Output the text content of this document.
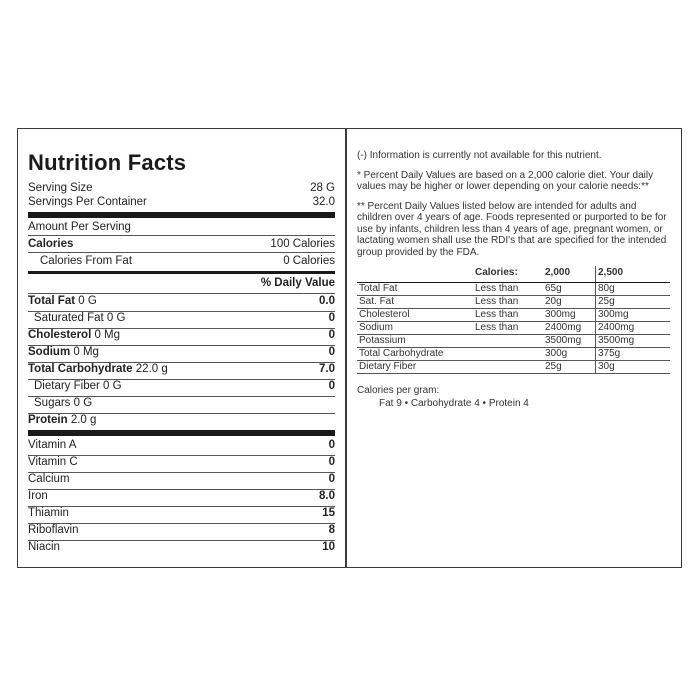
Nutrition Facts
Serving Size	28 G
Servings Per Container	32.0
Amount Per Serving
Calories	100 Calories
Calories From Fat	0 Calories
% Daily Value
Total Fat 0 G	0.0
Saturated Fat 0 G	0
Cholesterol 0 Mg	0
Sodium 0 Mg	0
Total Carbohydrate 22.0 g	7.0
Dietary Fiber 0 G	0
Sugars 0 G
Protein 2.0 g
Vitamin A	0
Vitamin C	0
Calcium	0
Iron	8.0
Thiamin	15
Riboflavin	8
Niacin	10

(-) Information is currently not available for this nutrient.

* Percent Daily Values are based on a 2,000 calorie diet. Your daily values may be higher or lower depending on your calorie needs:**

** Percent Daily Values listed below are intended for adults and children over 4 years of age. Foods represented or purported to be for use by infants, children less than 4 years of age, pregnant women, or lactating women shall use the RDI's that are specified for the intended group provided by the FDA.

	Calories:	2,000	2,500
Total Fat	Less than	65g	80g
Sat. Fat	Less than	20g	25g
Cholesterol	Less than	300mg	300mg
Sodium	Less than	2400mg	2400mg
Potassium		3500mg	3500mg
Total Carbohydrate		300g	375g
Dietary Fiber		25g	30g
Calories per gram:
Fat 9 • Carbohydrate 4 • Protein 4
